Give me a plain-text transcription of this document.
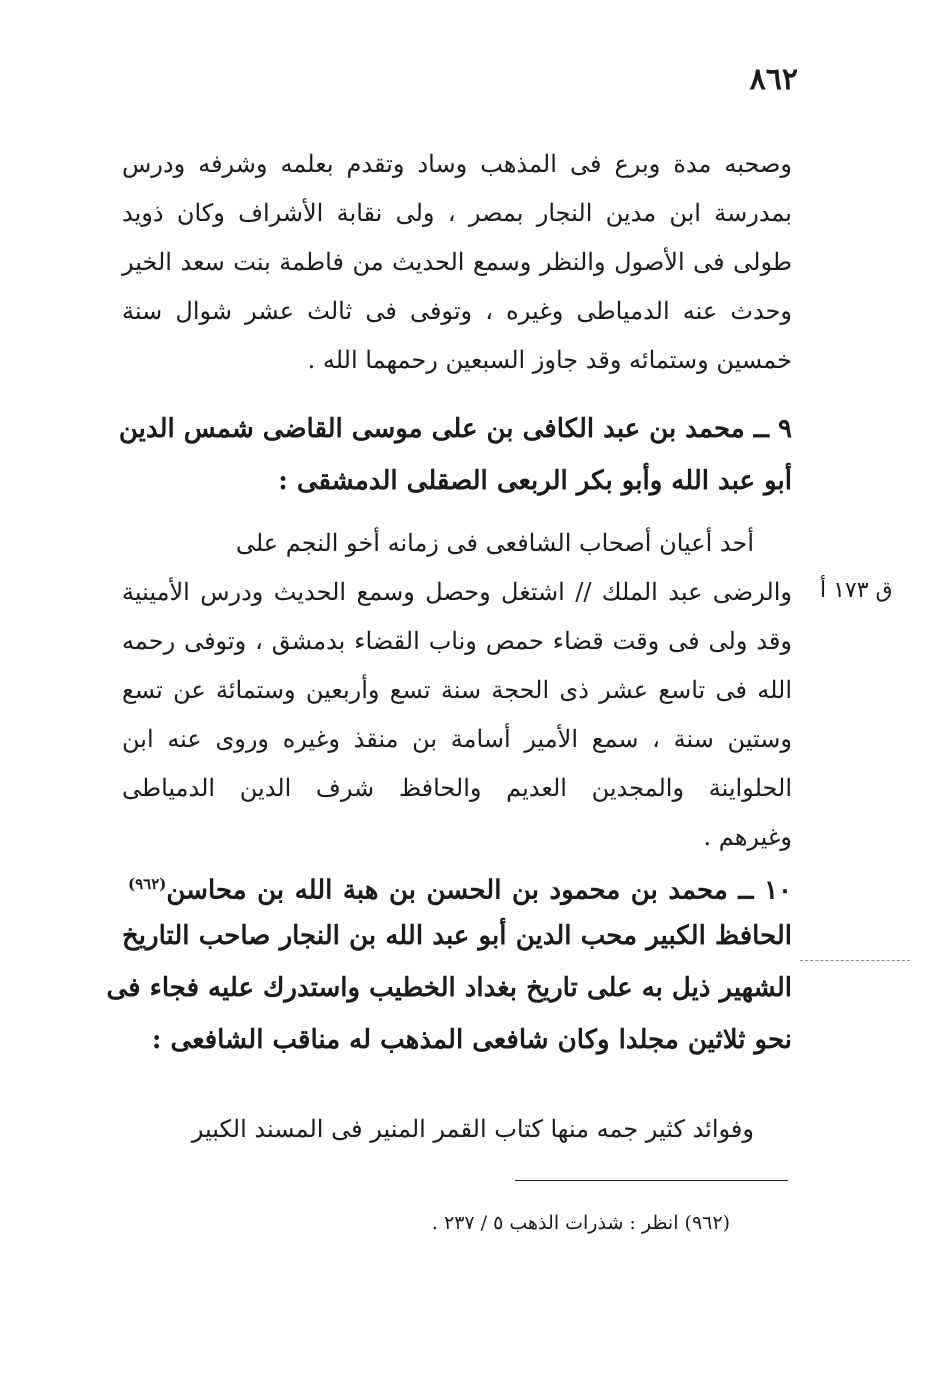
٨٦٢
وصحبه مدة وبرع فى المذهب وساد وتقدم بعلمه وشرفه ودرس
بمدرسة ابن مدين النجار بمصر ، ولى نقابة الأشراف وكان ذويد
طولى فى الأصول والنظر وسمع الحديث من فاطمة بنت سعد الخير
وحدث عنه الدمياطى وغيره ، وتوفى فى ثالث عشر شوال سنة
خمسين وستمائه وقد جاوز السبعين رحمهما الله .
٩ ــ محمد بن عبد الكافى بن على موسى القاضى شمس الدين
أبو عبد الله وأبو بكر الربعى الصقلى الدمشقى :
أحد أعيان أصحاب الشافعى فى زمانه أخو النجم على
والرضى عبد الملك // اشتغل وحصل وسمع الحديث ودرس الأمينية
وقد ولى فى وقت قضاء حمص وناب القضاء بدمشق ، وتوفى رحمه
الله فى تاسع عشر ذى الحجة سنة تسع وأربعين وستمائة عن تسع
وستين سنة ، سمع الأمير أسامة بن منقذ وغيره وروى عنه ابن
الحلواينة والمجدين العديم والحافظ شرف الدين الدمياطى
وغيرهم .
ق ١٧٣ أ
١٠ ــ محمد بن محمود بن الحسن بن هبة الله بن محاسن$^{(٩٦٢)}$
الحافظ الكبير محب الدين أبو عبد الله بن النجار صاحب التاريخ
الشهير ذيل به على تاريخ بغداد الخطيب واستدرك عليه فجاء فى
نحو ثلاثين مجلدا وكان شافعى المذهب له مناقب الشافعى :
وفوائد كثير جمه منها كتاب القمر المنير فى المسند الكبير
(٩٦٢) انظر : شذرات الذهب ٥ / ٢٣٧ .
